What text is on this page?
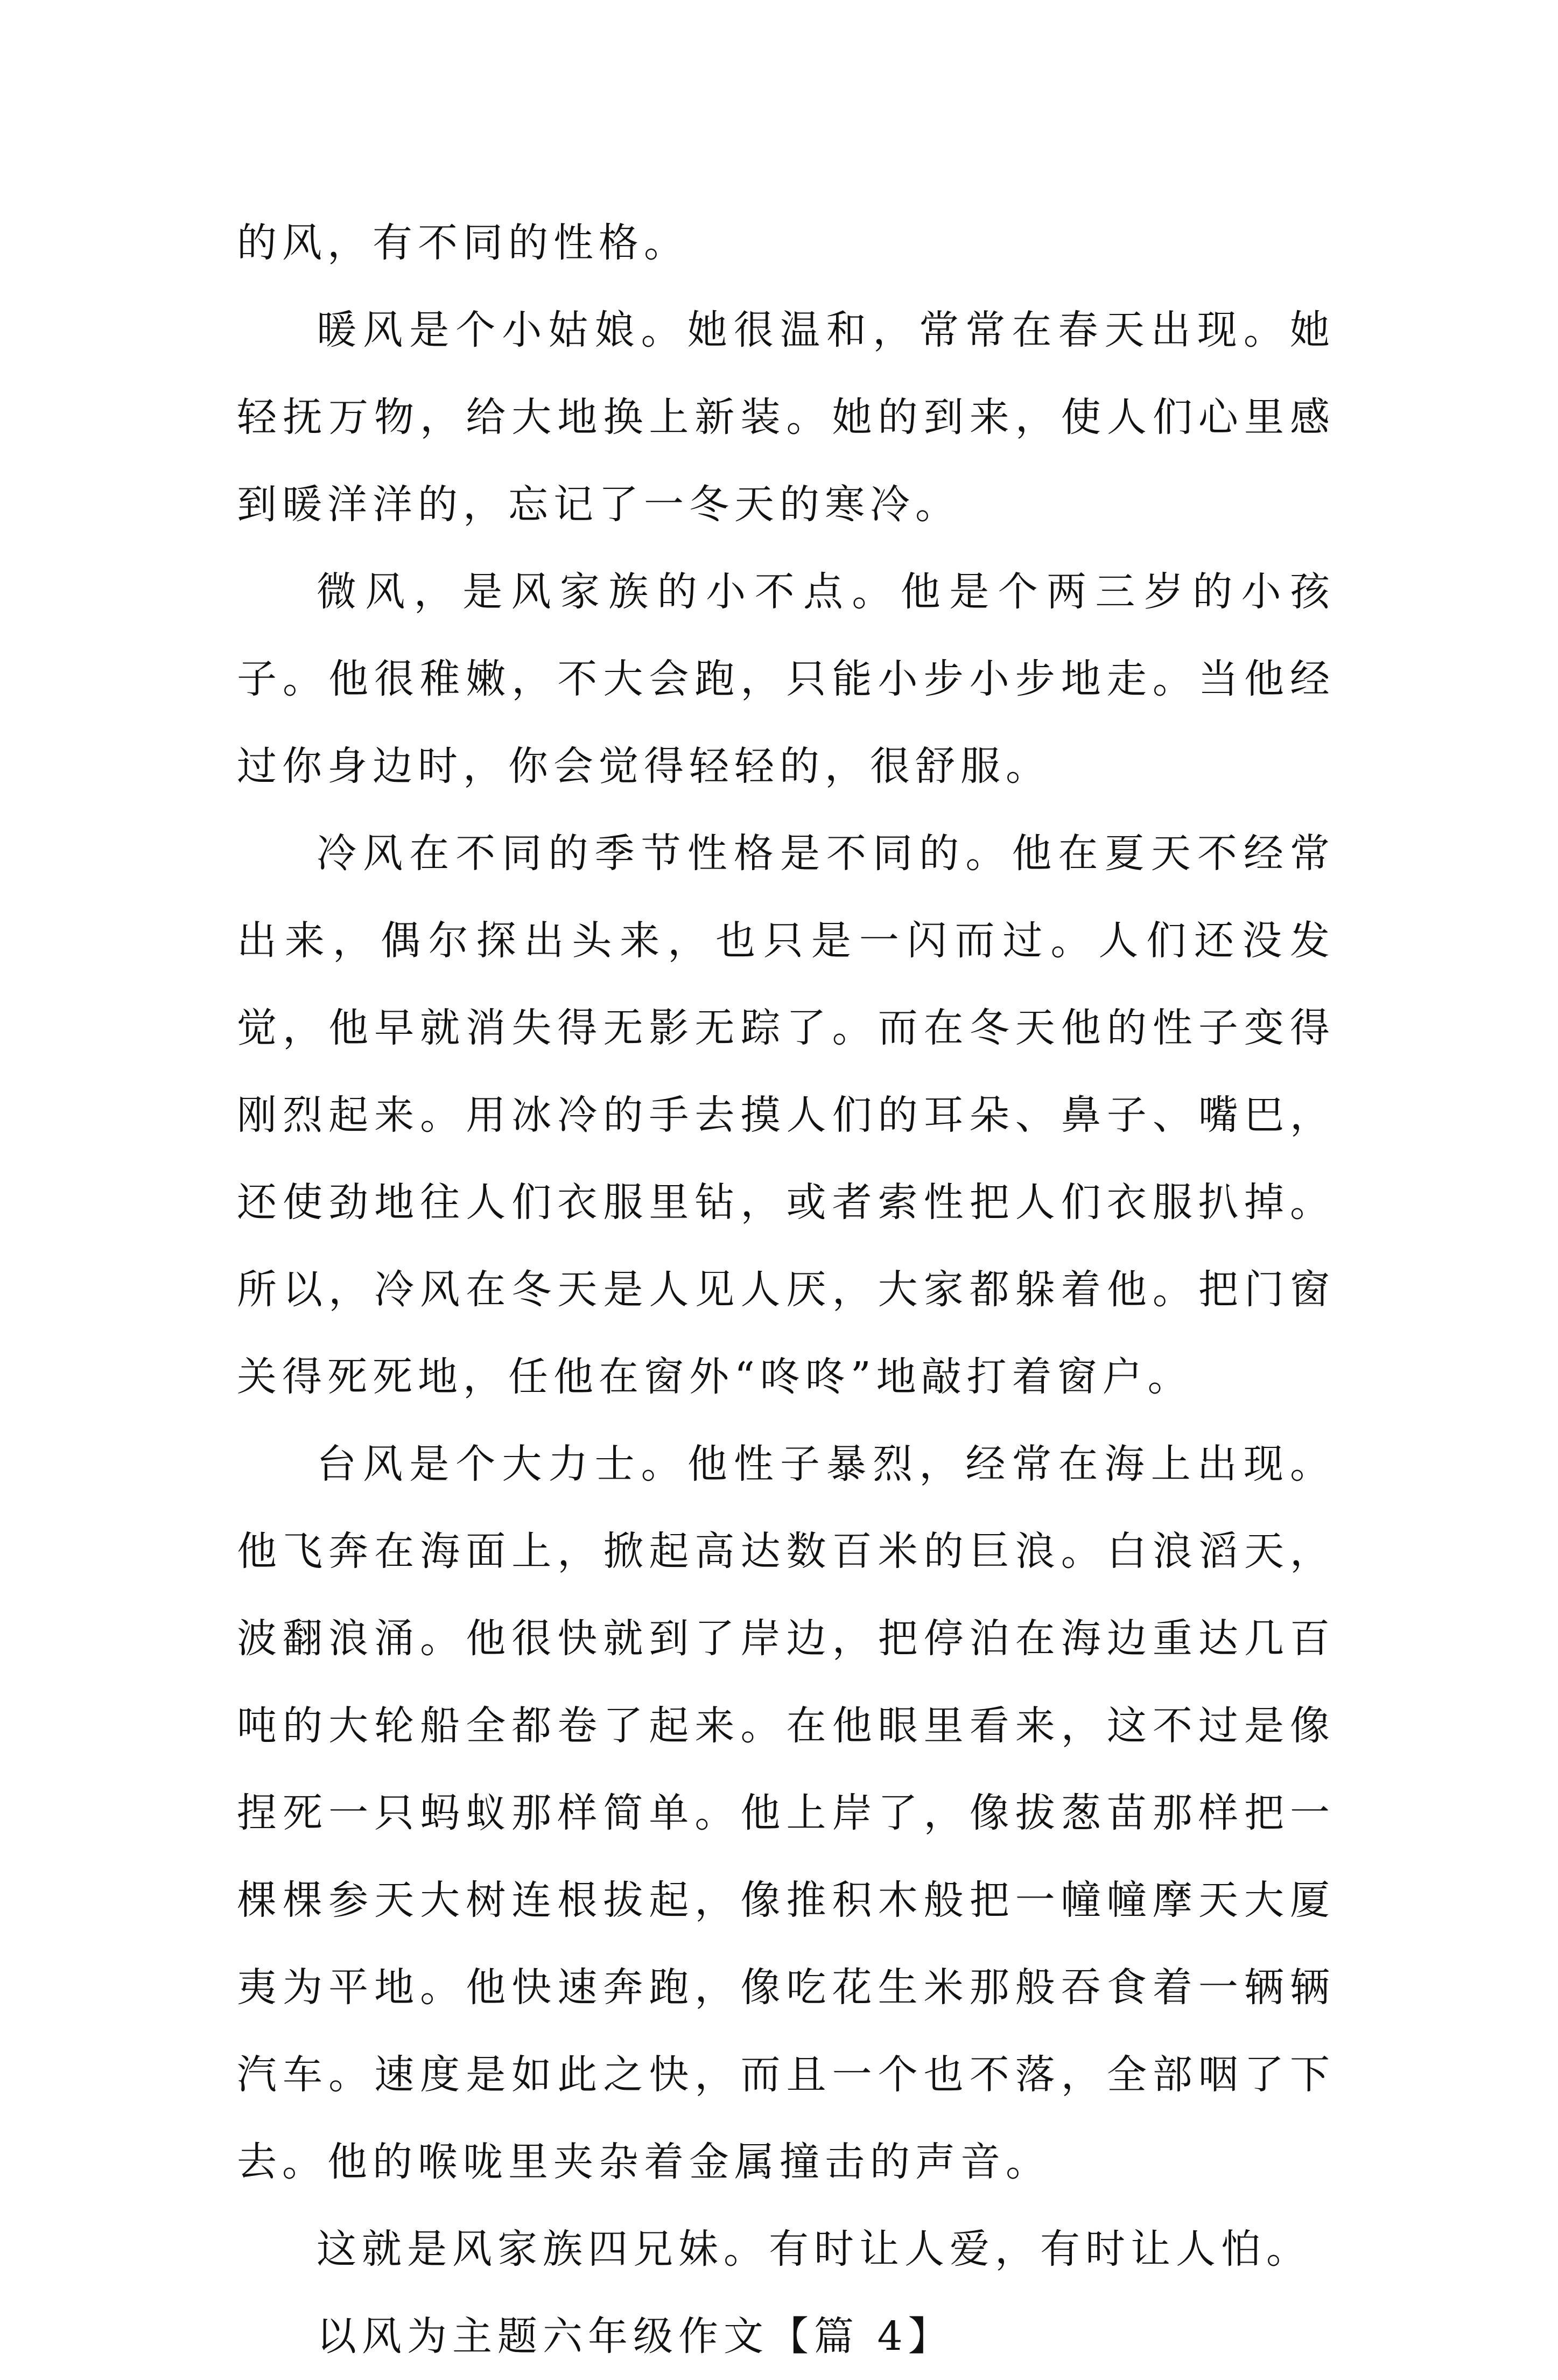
的风，有不同的性格。

暖风是个小姑娘。她很温和，常常在春天出现。她轻抚万物，给大地换上新装。她的到来，使人们心里感到暖洋洋的，忘记了一冬天的寒冷。

微风，是风家族的小不点。他是个两三岁的小孩子。他很稚嫩，不大会跑，只能小步小步地走。当他经过你身边时，你会觉得轻轻的，很舒服。

冷风在不同的季节性格是不同的。他在夏天不经常出来，偶尔探出头来，也只是一闪而过。人们还没发觉，他早就消失得无影无踪了。而在冬天他的性子变得刚烈起来。用冰冷的手去摸人们的耳朵、鼻子、嘴巴，还使劲地往人们衣服里钻，或者索性把人们衣服扒掉。所以，冷风在冬天是人见人厌，大家都躲着他。把门窗关得死死地，任他在窗外“咚咚”地敲打着窗户。

台风是个大力士。他性子暴烈，经常在海上出现。他飞奔在海面上，掀起高达数百米的巨浪。白浪滔天，波翻浪涌。他很快就到了岸边，把停泊在海边重达几百吨的大轮船全都卷了起来。在他眼里看来，这不过是像捏死一只蚂蚁那样简单。他上岸了，像拔葱苗那样把一棵棵参天大树连根拔起，像推积木般把一幢幢摩天大厦夷为平地。他快速奔跑，像吃花生米那般吞食着一辆辆汽车。速度是如此之快，而且一个也不落，全部咽了下去。他的喉咙里夹杂着金属撞击的声音。

这就是风家族四兄妹。有时让人爱，有时让人怕。

以风为主题六年级作文【篇 4】
